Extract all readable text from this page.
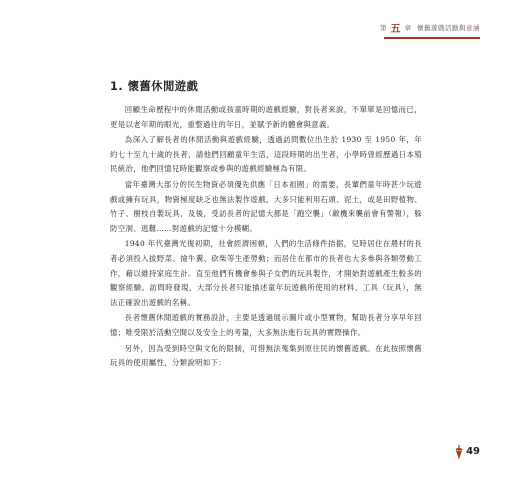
第 五 章 懷舊遊戲活動與意涵
1. 懷舊休閒遊戲

回顧生命歷程中的休閒活動或孩童時期的遊戲經驗，對長者來說，不單單是回憶而已，更是以老年期的眼光，重整過往的年日，並賦予新的體會與意義。

為深入了解長者的休閒活動與遊戲經驗，透過訪問數位出生於 1930 至 1950 年，年約七十至九十歲的長者，請他們回顧童年生活，這段時期的出生者，小學時曾經歷過日本殖民統治，他們回憶兒時能觀察或參與的遊戲經驗極為有限。

當年臺灣大部分的民生物資必須優先供應「日本祖國」的需要，長輩們童年時甚少玩遊戲或擁有玩具，物資極度缺乏也無法製作遊戲，大多只能利用石頭、泥土，或是田野植物、竹子、樹枝自製玩具，及後，受訪長者的記憶大都是「跑空襲」（敵機來襲前會有警報），躲防空洞、逃難……對遊戲的記憶十分模糊。

1940 年代臺灣光復初期，社會經濟困頓，人們的生活條件拮据，兒時居住在農村的長者必須投入拔野菜、撿牛糞、砍柴等生產勞動；而居住在都市的長者也大多參與各類勞動工作，藉以維持家庭生計。直至他們有機會參與子女們的玩具製作，才開始對遊戲產生較多的觀察經驗。訪問時發現，大部分長者只能描述童年玩遊戲所使用的材料、工具（玩具），無法正確說出遊戲的名稱。

長者懷舊休閒遊戲的實務設計，主要是透過展示圖片或小型實物，幫助長者分享早年回憶；唯受限於活動空間以及安全上的考量，大多無法進行玩具的實際操作。

另外，因為受到時空與文化的限制，可惜無法蒐集到原住民的懷舊遊戲。在此按照懷舊玩具的使用屬性，分類說明如下：

49
